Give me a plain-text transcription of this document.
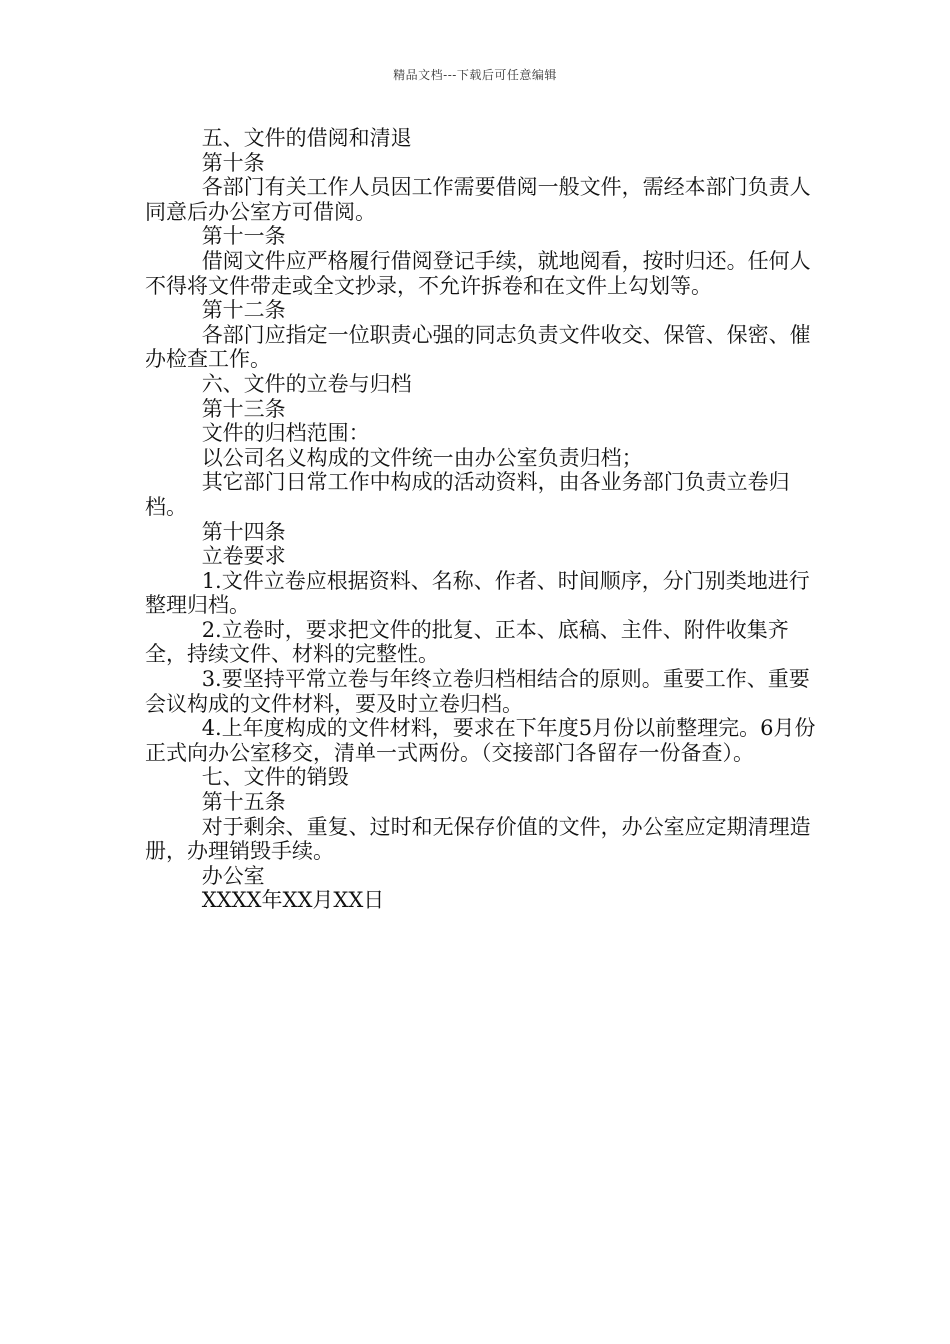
精品文档---下载后可任意编辑

五、文件的借阅和清退

第十条

各部门有关工作人员因工作需要借阅一般文件，需经本部门负责人同意后办公室方可借阅。

第十一条

借阅文件应严格履行借阅登记手续，就地阅看，按时归还。任何人不得将文件带走或全文抄录，不允许拆卷和在文件上勾划等。

第十二条

各部门应指定一位职责心强的同志负责文件收交、保管、保密、催办检查工作。

六、文件的立卷与归档

第十三条

文件的归档范围：

以公司名义构成的文件统一由办公室负责归档；

其它部门日常工作中构成的活动资料，由各业务部门负责立卷归档。

第十四条

立卷要求

1.文件立卷应根据资料、名称、作者、时间顺序，分门别类地进行整理归档。

2.立卷时，要求把文件的批复、正本、底稿、主件、附件收集齐全，持续文件、材料的完整性。

3.要坚持平常立卷与年终立卷归档相结合的原则。重要工作、重要会议构成的文件材料，要及时立卷归档。

4.上年度构成的文件材料，要求在下年度5月份以前整理完。6月份正式向办公室移交，清单一式两份。（交接部门各留存一份备查）。

七、文件的销毁

第十五条

对于剩余、重复、过时和无保存价值的文件，办公室应定期清理造册，办理销毁手续。

办公室

XXXX年XX月XX日
